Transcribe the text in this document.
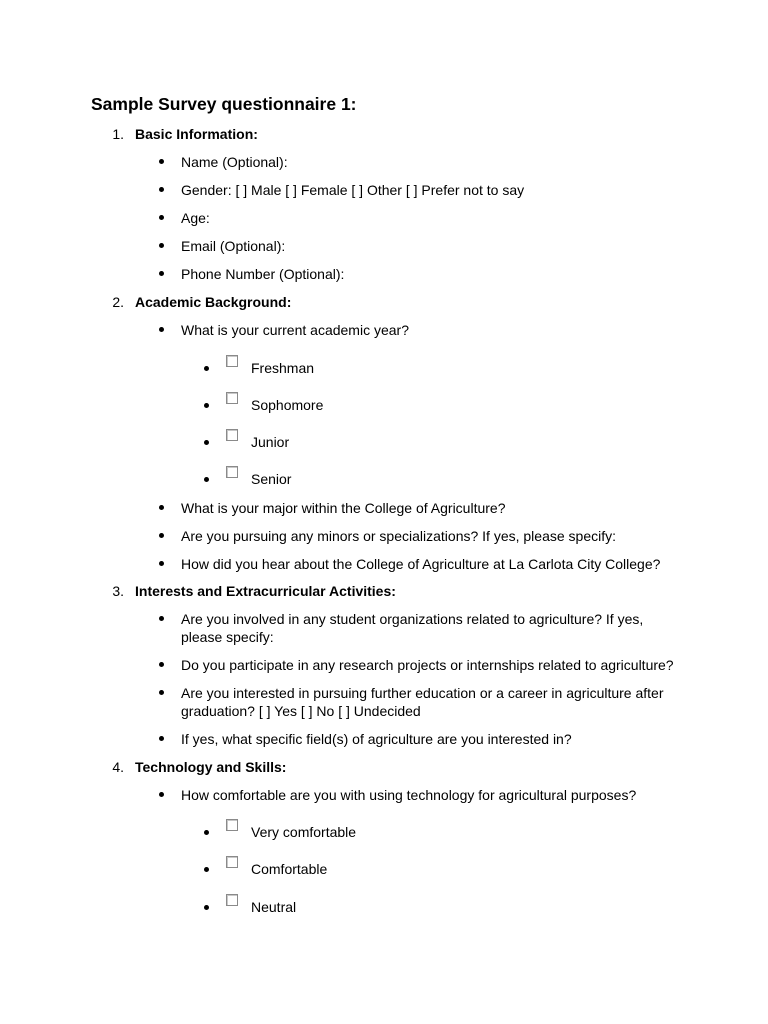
Sample Survey questionnaire 1:
1. Basic Information:
Name (Optional):
Gender: [ ] Male [ ] Female [ ] Other [ ] Prefer not to say
Age:
Email (Optional):
Phone Number (Optional):
2. Academic Background:
What is your current academic year?
Freshman
Sophomore
Junior
Senior
What is your major within the College of Agriculture?
Are you pursuing any minors or specializations? If yes, please specify:
How did you hear about the College of Agriculture at La Carlota City College?
3. Interests and Extracurricular Activities:
Are you involved in any student organizations related to agriculture? If yes,
please specify:
Do you participate in any research projects or internships related to agriculture?
Are you interested in pursuing further education or a career in agriculture after
graduation? [ ] Yes [ ] No [ ] Undecided
If yes, what specific field(s) of agriculture are you interested in?
4. Technology and Skills:
How comfortable are you with using technology for agricultural purposes?
Very comfortable
Comfortable
Neutral
